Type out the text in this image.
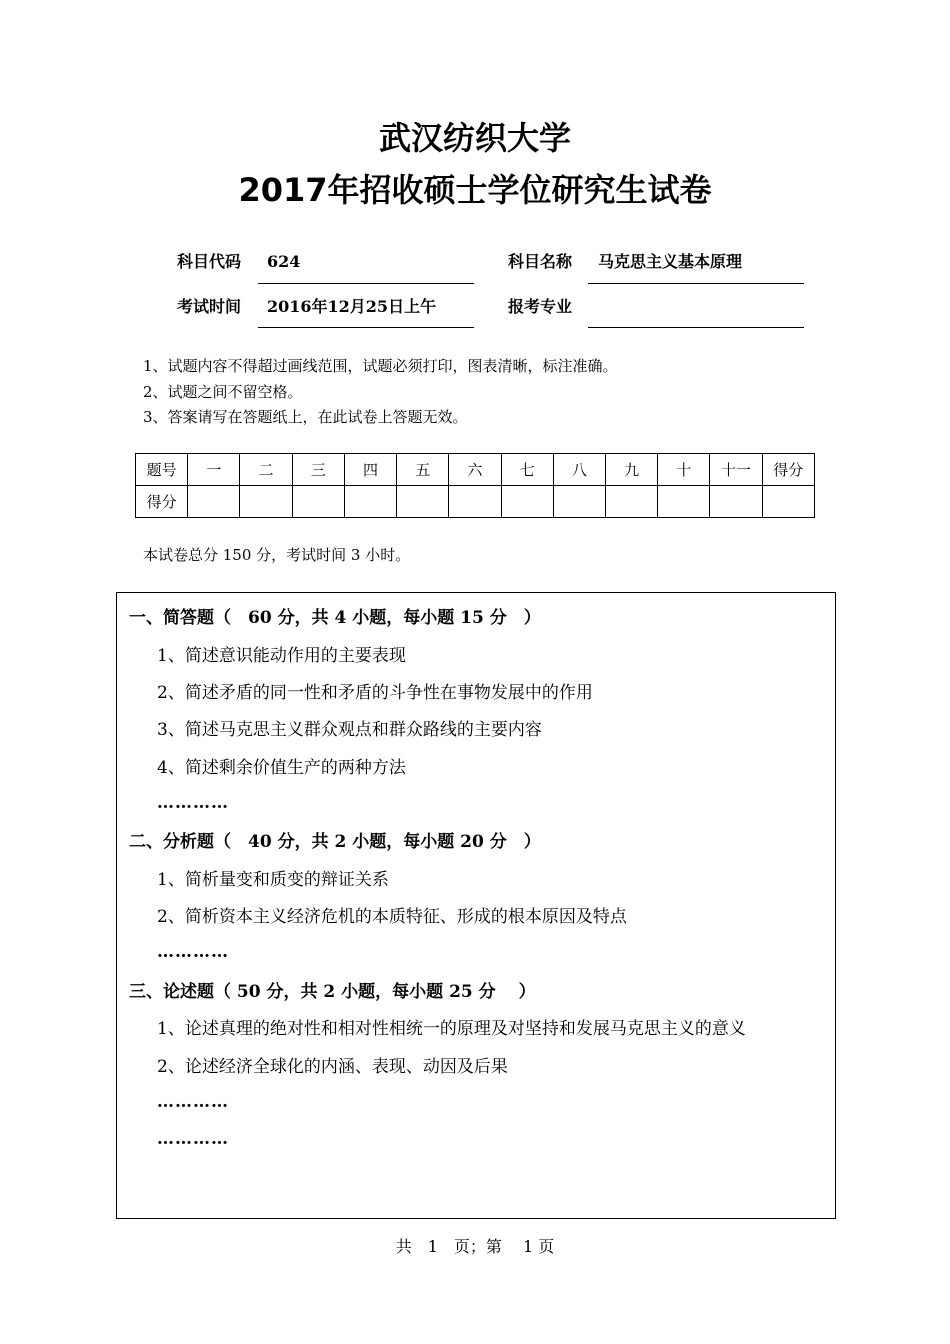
武汉纺织大学
2017年招收硕士学位研究生试卷
科目代码 624	科目名称 马克思主义基本原理
考试时间 2016年12月25日上午	报考专业
1、试题内容不得超过画线范围，试题必须打印，图表清晰，标注准确。
2、试题之间不留空格。
3、答案请写在答题纸上，在此试卷上答题无效。
题号	一	二	三	四	五	六	七	八	九	十	十一	得分
得分												
本试卷总分 150 分，考试时间 3 小时。
一、简答题（　60 分，共 4 小题，每小题 15 分　）
1、简述意识能动作用的主要表现
2、简述矛盾的同一性和矛盾的斗争性在事物发展中的作用
3、简述马克思主义群众观点和群众路线的主要内容
4、简述剩余价值生产的两种方法
…………
二、分析题（　40 分，共 2 小题，每小题 20 分　）
1、简析量变和质变的辩证关系
2、简析资本主义经济危机的本质特征、形成的根本原因及特点
…………
三、论述题（ 50 分，共 2 小题，每小题 25 分　 ）
1、论述真理的绝对性和相对性相统一的原理及对坚持和发展马克思主义的意义
2、论述经济全球化的内涵、表现、动因及后果
…………
…………
共　1　页；第　 1 页
